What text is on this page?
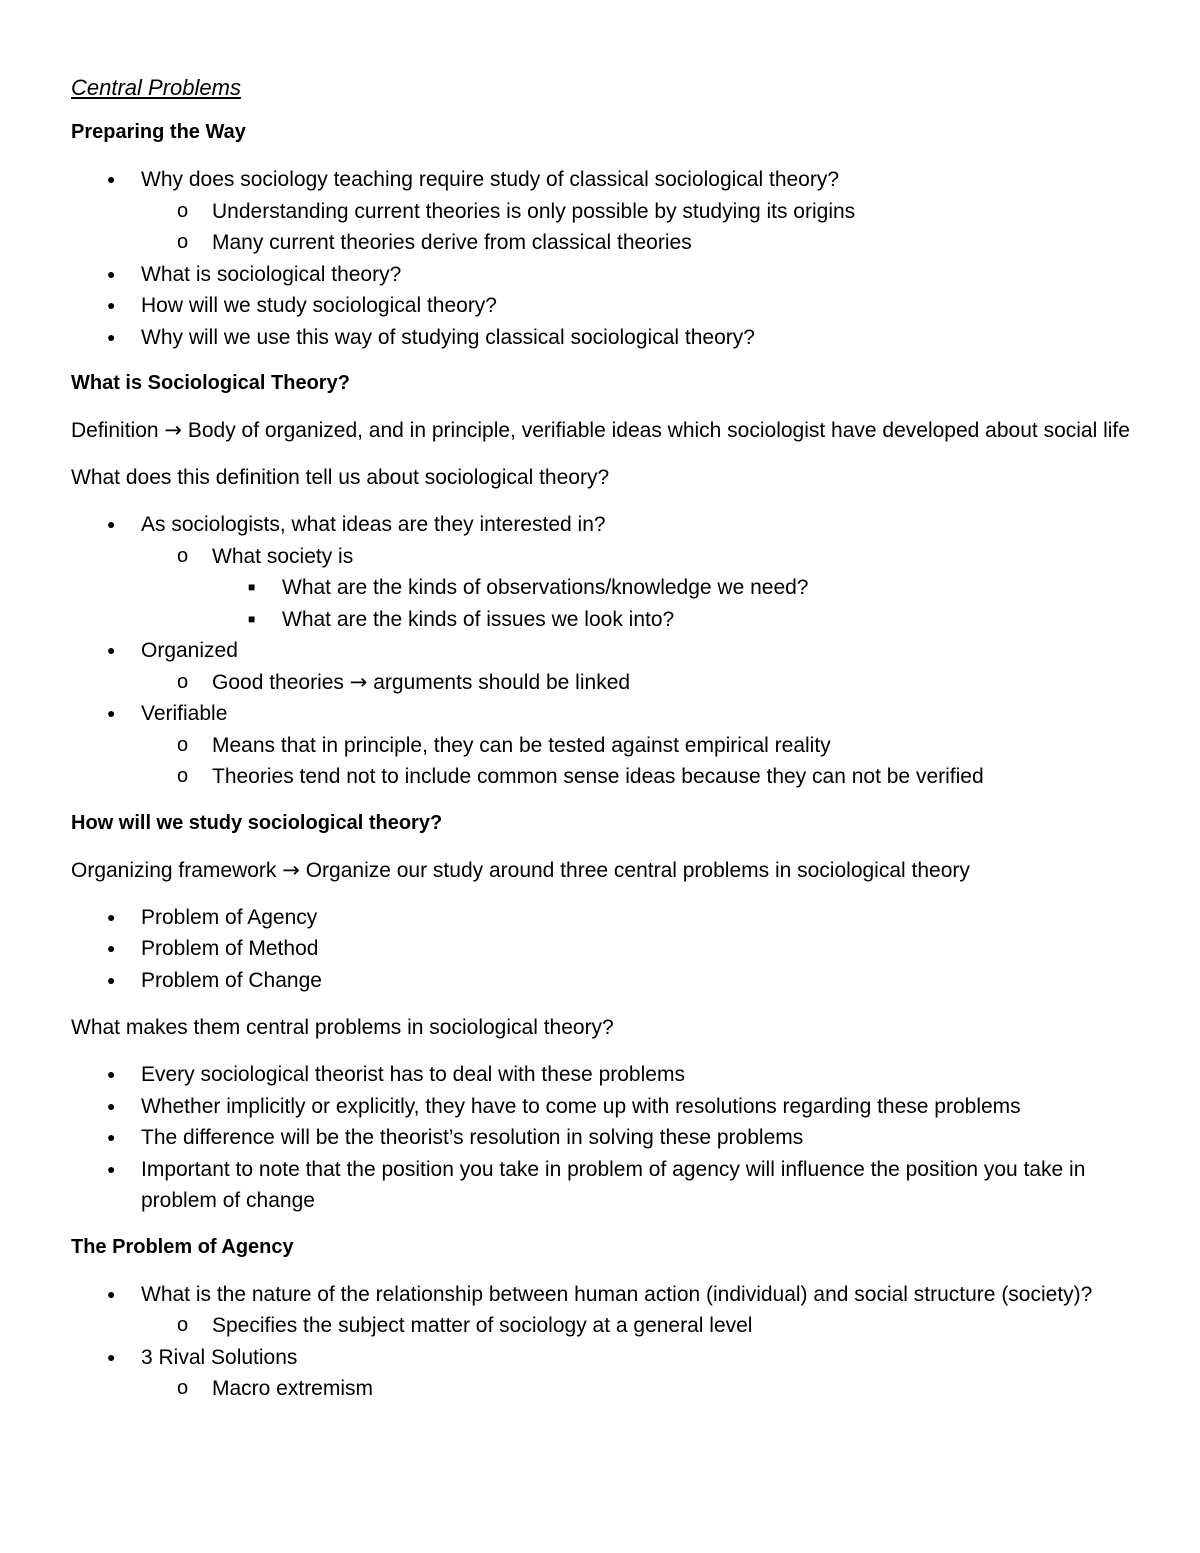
Central Problems
Preparing the Way
● Why does sociology teaching require study of classical sociological theory?
o Understanding current theories is only possible by studying its origins
o Many current theories derive from classical theories
● What is sociological theory?
● How will we study sociological theory?
● Why will we use this way of studying classical sociological theory?
What is Sociological Theory?
Definition → Body of organized, and in principle, verifiable ideas which sociologist have developed about social life
What does this definition tell us about sociological theory?
● As sociologists, what ideas are they interested in?
o What society is
■ What are the kinds of observations/knowledge we need?
■ What are the kinds of issues we look into?
● Organized
o Good theories → arguments should be linked
● Verifiable
o Means that in principle, they can be tested against empirical reality
o Theories tend not to include common sense ideas because they can not be verified
How will we study sociological theory?
Organizing framework → Organize our study around three central problems in sociological theory
● Problem of Agency
● Problem of Method
● Problem of Change
What makes them central problems in sociological theory?
● Every sociological theorist has to deal with these problems
● Whether implicitly or explicitly, they have to come up with resolutions regarding these problems
● The difference will be the theorist’s resolution in solving these problems
● Important to note that the position you take in problem of agency will influence the position you take in problem of change
The Problem of Agency
● What is the nature of the relationship between human action (individual) and social structure (society)?
o Specifies the subject matter of sociology at a general level
● 3 Rival Solutions
o Macro extremism
